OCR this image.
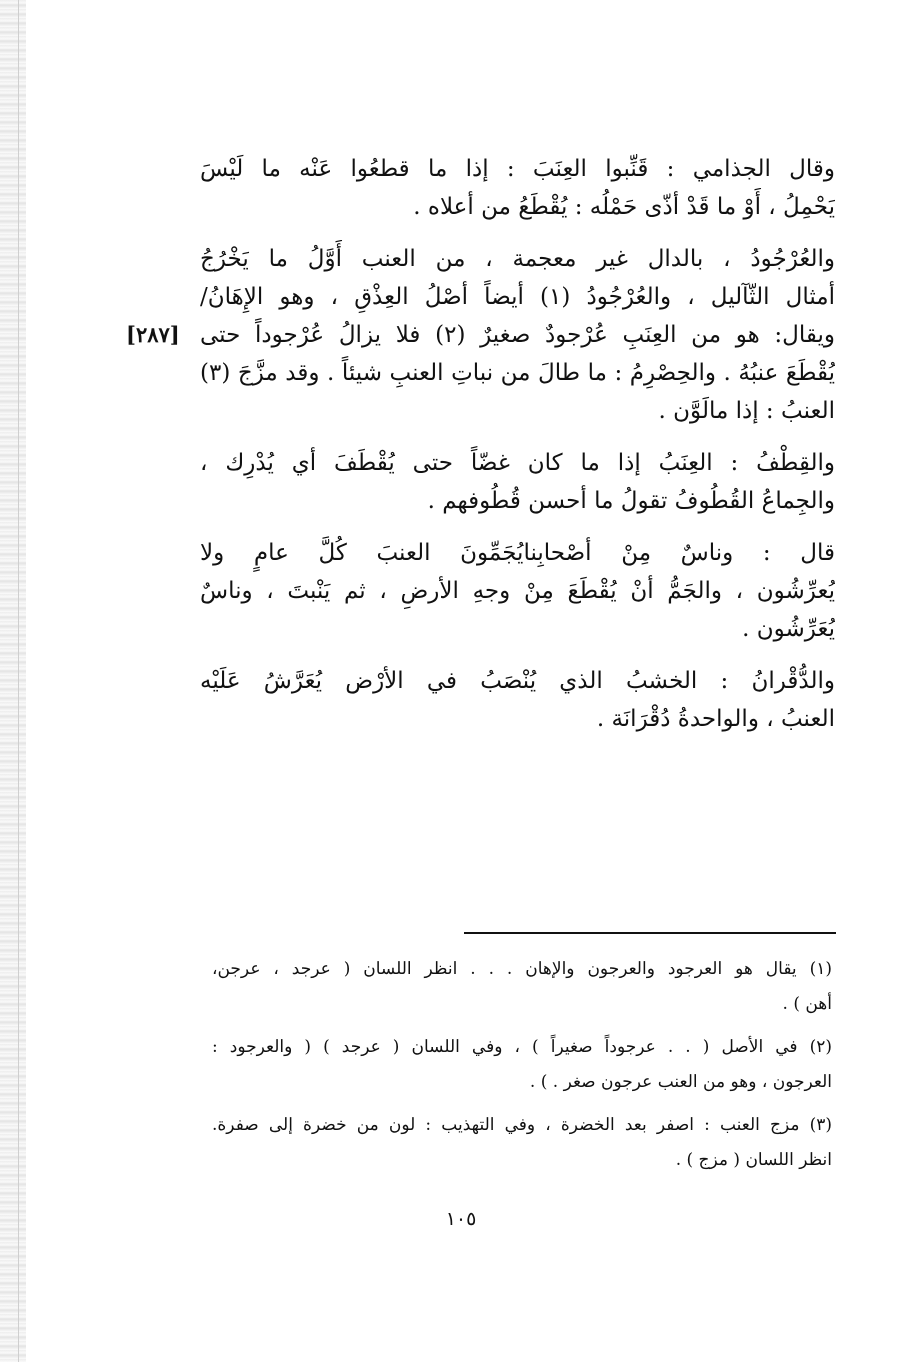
[٢٨٧]
وقال الجذامي : قَنِّبوا العِنَبَ : إذا ما قطعُوا عَنْه ما لَيْسَ
يَحْمِلُ ، أَوْ ما قَدْ أذّى حَمْلُه : يُقْطَعُ من أعلاه .
والعُرْجُودُ ، بالدال غير معجمة ، من العنب أَوَّلُ ما يَخْرُجُ
أمثال الثّآليل ، والعُرْجُودُ (١) أيضاً أصْلُ العِذْقِ ، وهو الإِهَانُ/
ويقال: هو من العِنَبِ عُرْجودٌ صغيرٌ (٢) فلا يزالُ عُرْجوداً حتى
يُقْطَعَ عنبُهُ . والحِصْرِمُ : ما طالَ من نباتِ العنبِ شيئاً . وقد مزَّجَ (٣)
العنبُ : إذا مالَوَّن .
والقِطْفُ : العِنَبُ إذا ما كان غضّاً حتى يُقْطَفَ أي يُدْرِك ،
والجِماعُ القُطُوفُ تقولُ ما أحسن قُطُوفهم .
قال : وناسٌ مِنْ أصْحابِنايُجَمِّونَ العنبَ كُلَّ عامٍ ولا
يُعرِّشُون ، والجَمُّ أنْ يُقْطَعَ مِنْ وجهِ الأرضِ ، ثم يَنْبتَ ، وناسٌ
يُعَرِّشُون .
والدُّقْرانُ : الخشبُ الذي يُنْصَبُ في الأرْض يُعَرَّشُ عَلَيْه
العنبُ ، والواحدةُ دُقْرَانَة .
(١) يقال هو العرجود والعرجون والإهان . . . انظر اللسان ( عرجد ، عرجن،
أهن ) .
(٢) في الأصل ( . . عرجوداً صغيراً ) ، وفي اللسان ( عرجد ) ( والعرجود :
العرجون ، وهو من العنب عرجون صغر . ) .
(٣) مزج العنب : اصفر بعد الخضرة ، وفي التهذيب : لون من خضرة إلى صفرة.
انظر اللسان ( مزج ) .
١٠٥
